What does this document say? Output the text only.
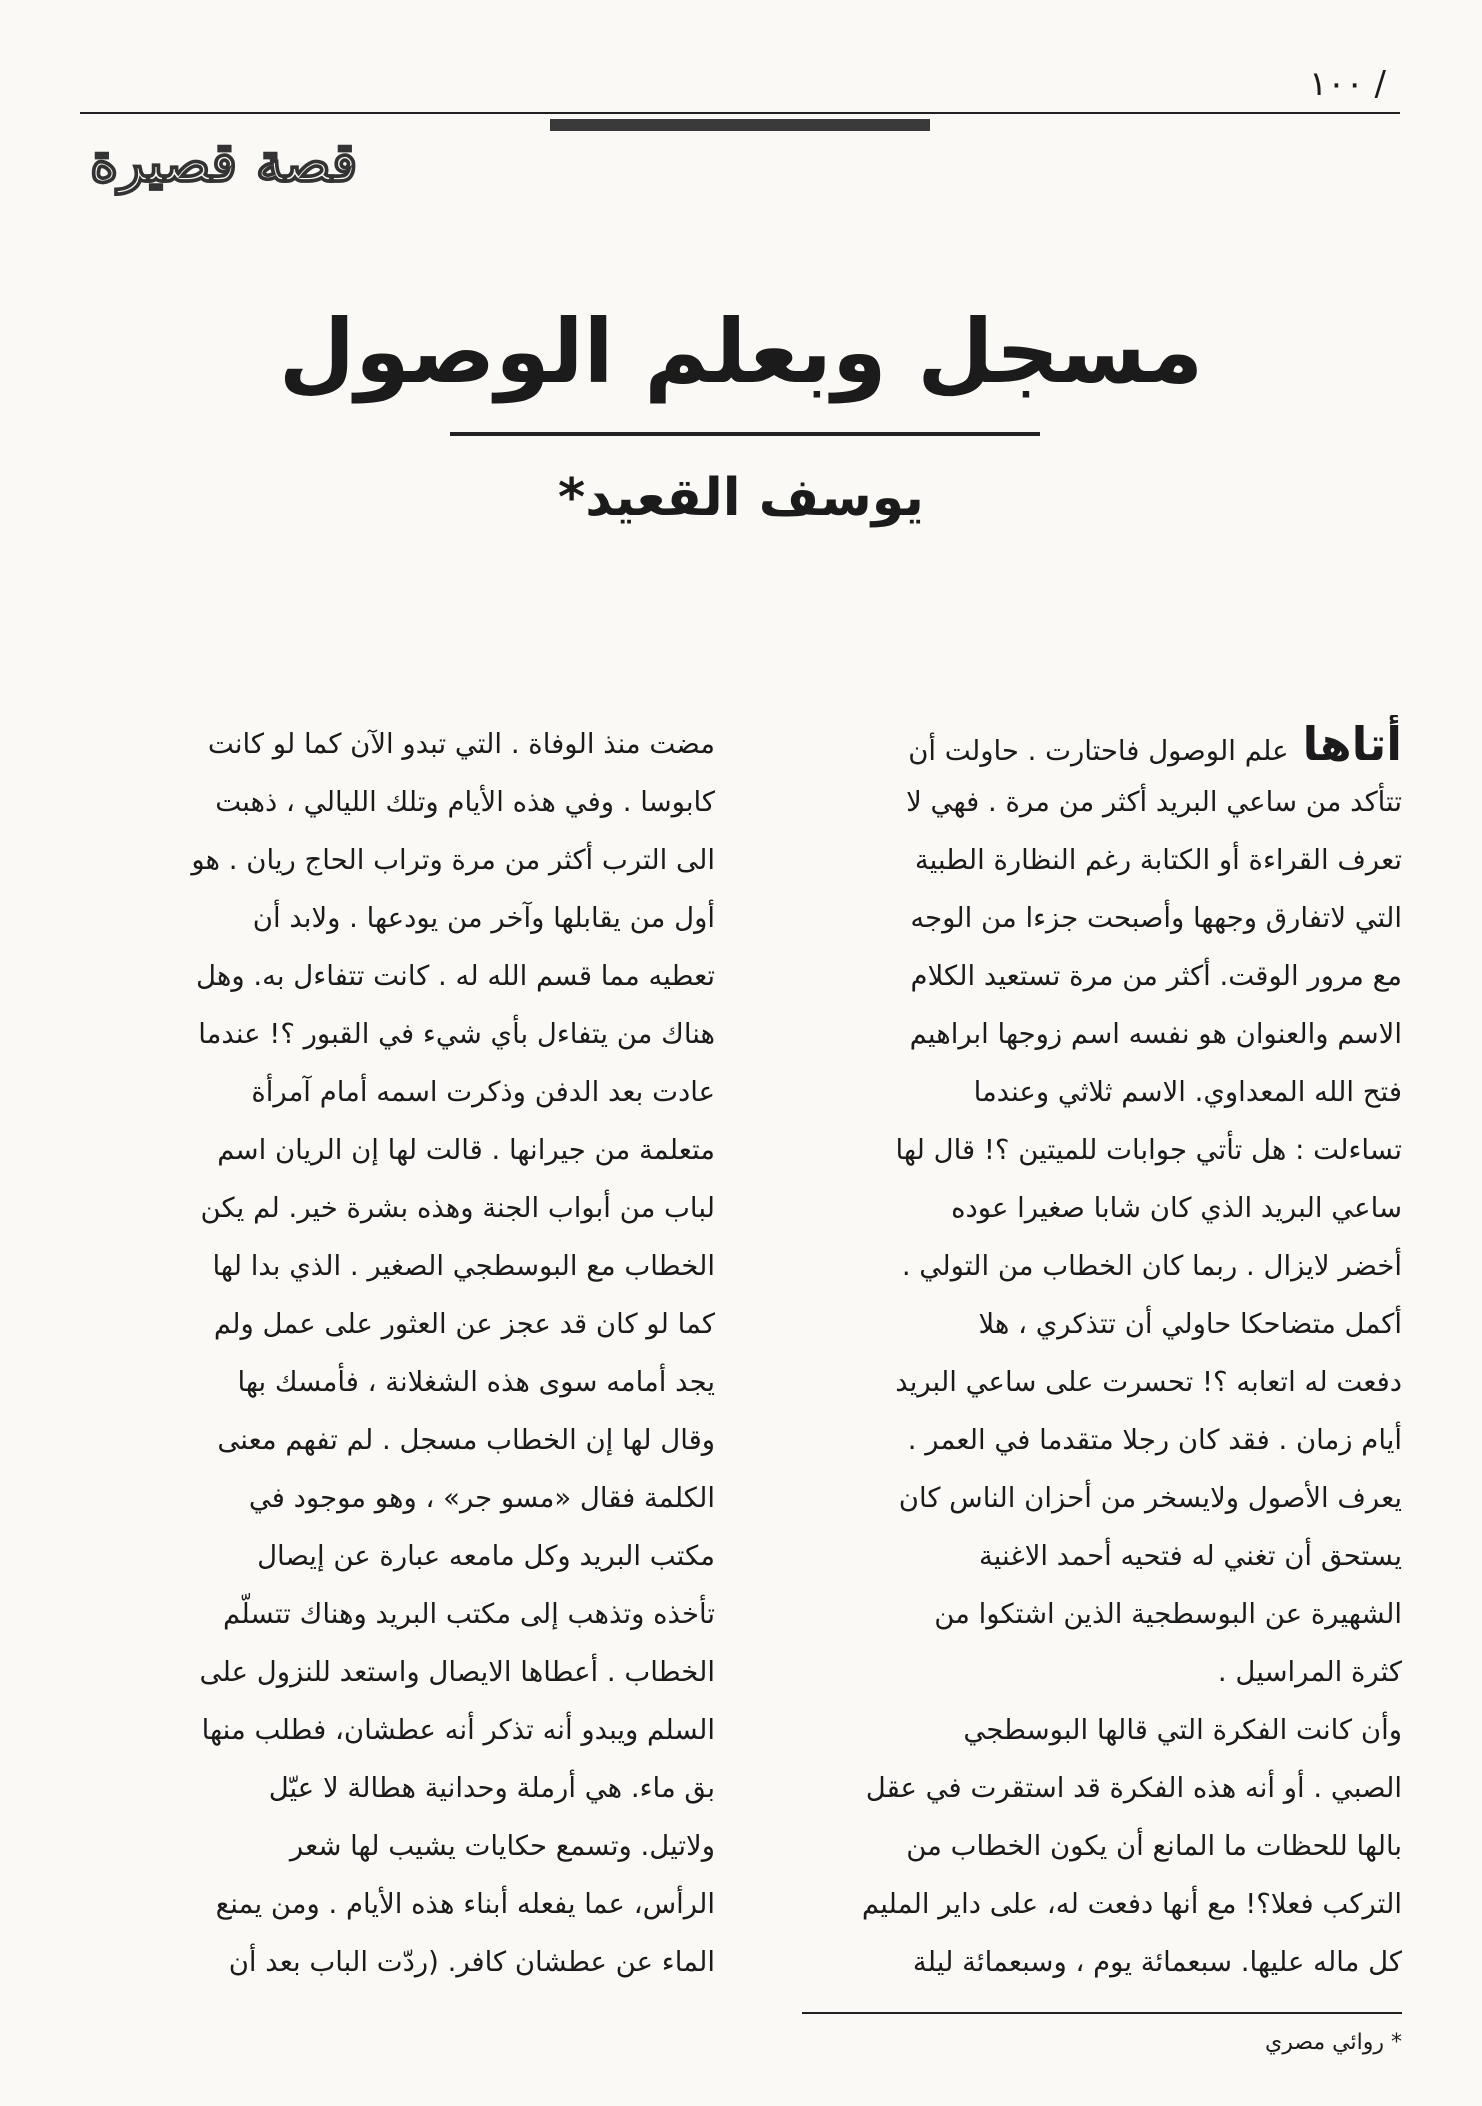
١٠٠ /
قصة قصيرة
مسجل وبعلم الوصول
يوسف القعيد*
أتاهاعلم الوصول فاحتارت . حاولت أن
تتأكد من ساعي البريد أكثر من مرة . فهي لا
تعرف القراءة أو الكتابة رغم النظارة الطبية
التي لاتفارق وجهها وأصبحت جزءا من الوجه
مع مرور الوقت. أكثر من مرة تستعيد الكلام
الاسم والعنوان هو نفسه اسم زوجها ابراهيم
فتح الله المعداوي. الاسم ثلاثي وعندما
تساءلت : هل تأتي جوابات للميتين ؟! قال لها
ساعي البريد الذي كان شابا صغيرا عوده
أخضر لايزال . ربما كان الخطاب من التولي .
أكمل متضاحكا حاولي أن تتذكري ، هلا
دفعت له اتعابه ؟! تحسرت على ساعي البريد
أيام زمان . فقد كان رجلا متقدما في العمر .
يعرف الأصول ولايسخر من أحزان الناس كان
يستحق أن تغني له فتحيه أحمد الاغنية
الشهيرة عن البوسطجية الذين اشتكوا من
كثرة المراسيل .
وأن كانت الفكرة التي قالها البوسطجي
الصبي . أو أنه هذه الفكرة قد استقرت في عقل
بالها للحظات ما المانع أن يكون الخطاب من
التركب فعلا؟! مع أنها دفعت له، على داير المليم
كل ماله عليها. سبعمائة يوم ، وسبعمائة ليلة
مضت منذ الوفاة . التي تبدو الآن كما لو كانت
كابوسا . وفي هذه الأيام وتلك الليالي ، ذهبت
الى الترب أكثر من مرة وتراب الحاج ريان . هو
أول من يقابلها وآخر من يودعها . ولابد أن
تعطيه مما قسم الله له . كانت تتفاءل به. وهل
هناك من يتفاءل بأي شيء في القبور ؟! عندما
عادت بعد الدفن وذكرت اسمه أمام آمرأة
متعلمة من جيرانها . قالت لها إن الريان اسم
لباب من أبواب الجنة وهذه بشرة خير. لم يكن
الخطاب مع البوسطجي الصغير . الذي بدا لها
كما لو كان قد عجز عن العثور على عمل ولم
يجد أمامه سوى هذه الشغلانة ، فأمسك بها
وقال لها إن الخطاب مسجل . لم تفهم معنى
الكلمة فقال «مسو جر» ، وهو موجود في
مكتب البريد وكل مامعه عبارة عن إيصال
تأخذه وتذهب إلى مكتب البريد وهناك تتسلّم
الخطاب . أعطاها الايصال واستعد للنزول على
السلم ويبدو أنه تذكر أنه عطشان، فطلب منها
بق ماء. هي أرملة وحدانية هطالة لا عيّل
ولاتيل. وتسمع حكايات يشيب لها شعر
الرأس، عما يفعله أبناء هذه الأيام . ومن يمنع
الماء عن عطشان كافر. (ردّت الباب بعد أن
* روائي مصري
